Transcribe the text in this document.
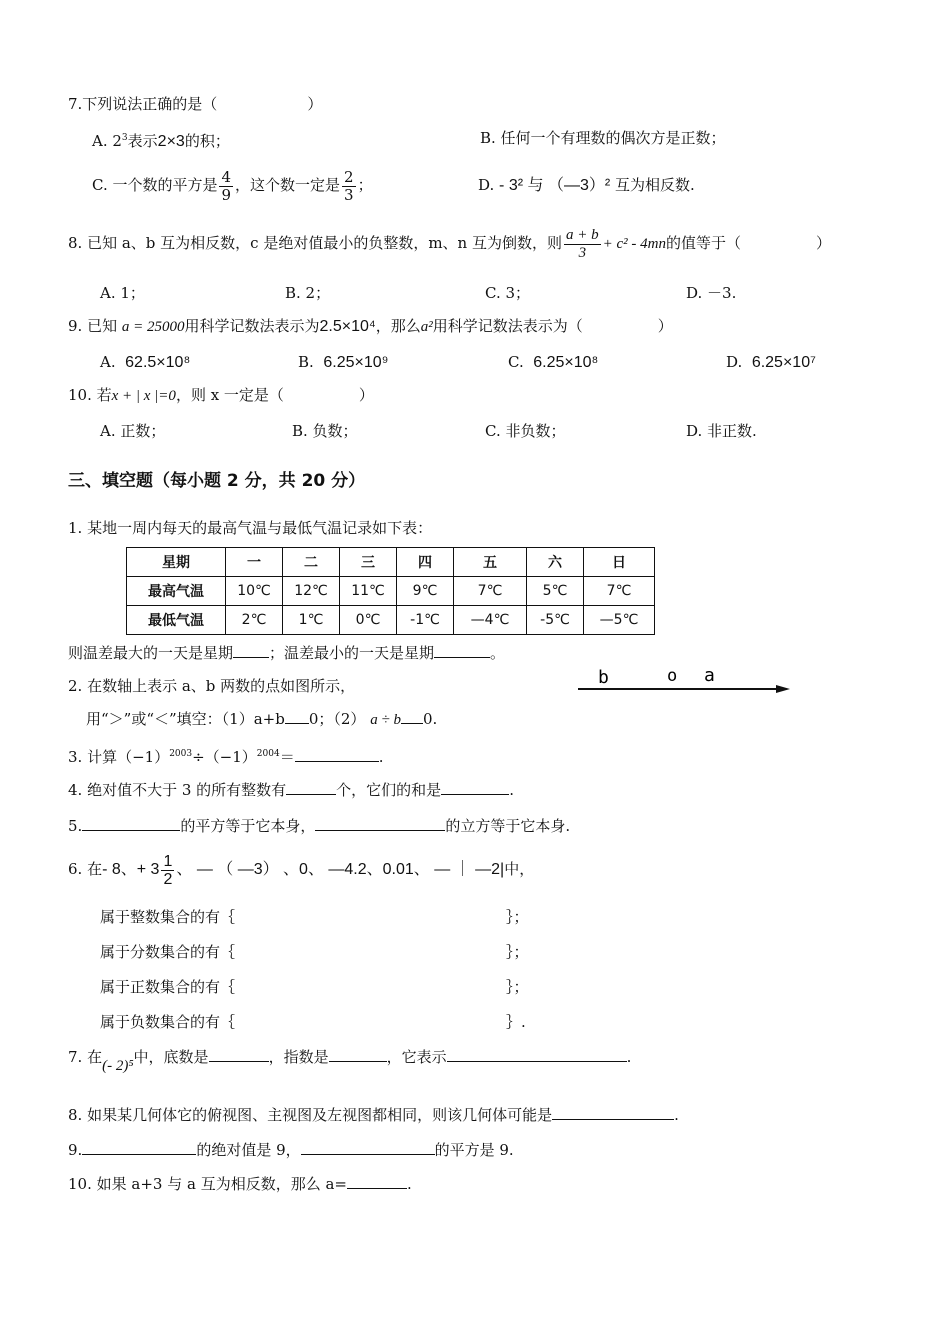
7.下列说法正确的是（　　　　　　）
A. $2^3$表示2×3的积；	B. 任何一个有理数的偶次方是正数；
C. 一个数的平方是 $\frac{4}{9}$ ，这个数一定是 $\frac{2}{3}$ ；	D. - 3² 与 （—3）² 互为相反数.
8. 已知 a、b 互为相反数，c 是绝对值最小的负整数，m、n 互为倒数，则 $\frac{a + b}{3} + c^2 - 4mn$的值等于（　　　　　）
A. 1；	B. 2；	C. 3；	D. －3.
9. 已知 a = 25000用科学记数法表示为2.5×10⁴，那么a²用科学记数法表示为（　　　　　）
A. 62.5×10⁸	B. 6.25×10⁹	C. 6.25×10⁸	D. 6.25×10⁷
10. 若x + | x |=0，则 x 一定是（　　　　　）
A. 正数；	B. 负数；	C. 非负数；	D. 非正数.
三、填空题（每小题 2 分，共 20 分）
1. 某地一周内每天的最高气温与最低气温记录如下表：
星期	一	二	三	四	五	六	日
最高气温	10℃	12℃	11℃	9℃	7℃	5℃	7℃
最低气温	2℃	1℃	0℃	-1℃	—4℃	-5℃	—5℃
则温差最大的一天是星期 ；温差最小的一天是星期	。
2. 在数轴上表示 a、b 两数的点如图所示，
用“＞”或“＜”填空：（1）a+b 0；（2） a ÷ b 0.
b	o a
3. 计算$(-1)^{2003}\div(-1)^{2004}=$	.
4. 绝对值不大于 3 的所有整数有	个，它们的和是	.
5.	的平方等于它本身，	的立方等于它本身.
6. 在- 8、+ $3 \frac{1}{2}$ 、 — （ —3） 、0、 —4.2、0.01、 — ｜ —2|中，
属于整数集合的有｛	｝；
属于分数集合的有｛	｝；
属于正数集合的有｛	｝；
属于负数集合的有｛	｝.
7. 在(- 2)⁵中，底数是	，指数是	，它表示	.
8. 如果某几何体它的俯视图、主视图及左视图都相同，则该几何体可能是	.
9.	的绝对值是 9，	的平方是 9.
10. 如果 a+3 与 a 互为相反数，那么 a=	.
